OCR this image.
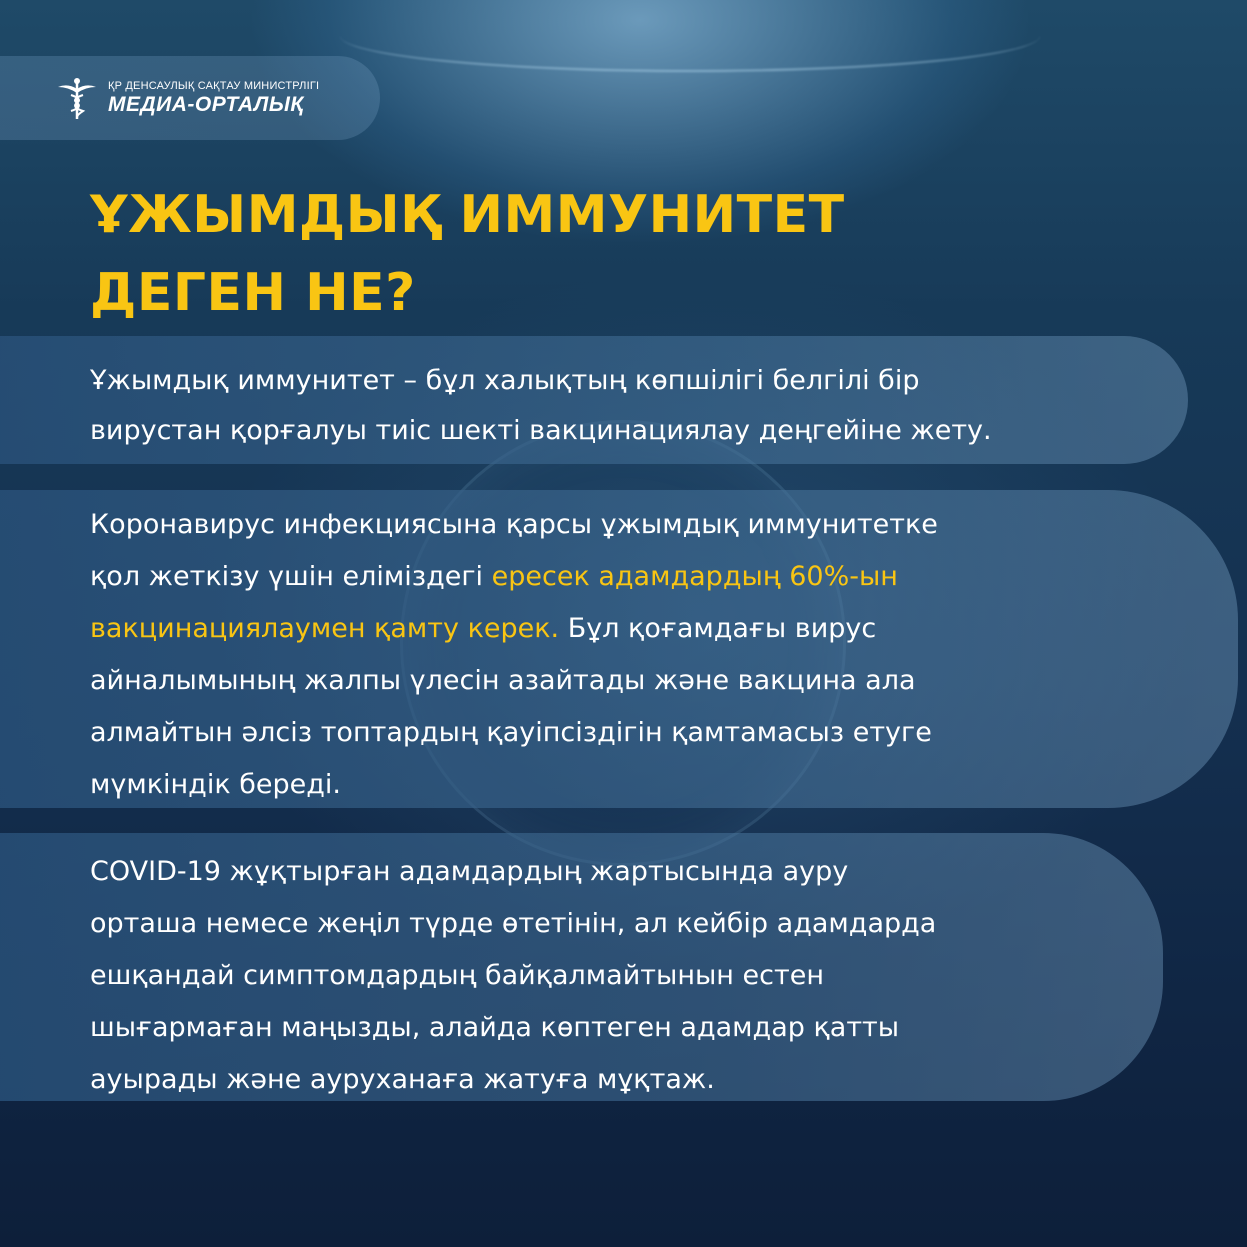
ҚР ДЕНСАУЛЫҚ САҚТАУ МИНИСТРЛІГІ
МЕДИА-ОРТАЛЫҚ
ҰЖЫМДЫҚ ИММУНИТЕТ
ДЕГЕН НЕ?

Ұжымдық иммунитет – бұл халықтың көпшілігі белгілі бір
вирустан қорғалуы тиіс шекті вакцинациялау деңгейіне жету.

Коронавирус инфекциясына қарсы ұжымдық иммунитетке
қол жеткізу үшін еліміздегі ересек адамдардың 60%-ын
вакцинациялаумен қамту керек. Бұл қоғамдағы вирус
айналымының жалпы үлесін азайтады және вакцина ала
алмайтын әлсіз топтардың қауіпсіздігін қамтамасыз етуге
мүмкіндік береді.

COVID-19 жұқтырған адамдардың жартысында ауру
орташа немесе жеңіл түрде өтетінін, ал кейбір адамдарда
ешқандай симптомдардың байқалмайтынын естен
шығармаған маңызды, алайда көптеген адамдар қатты
ауырады және ауруханаға жатуға мұқтаж.
